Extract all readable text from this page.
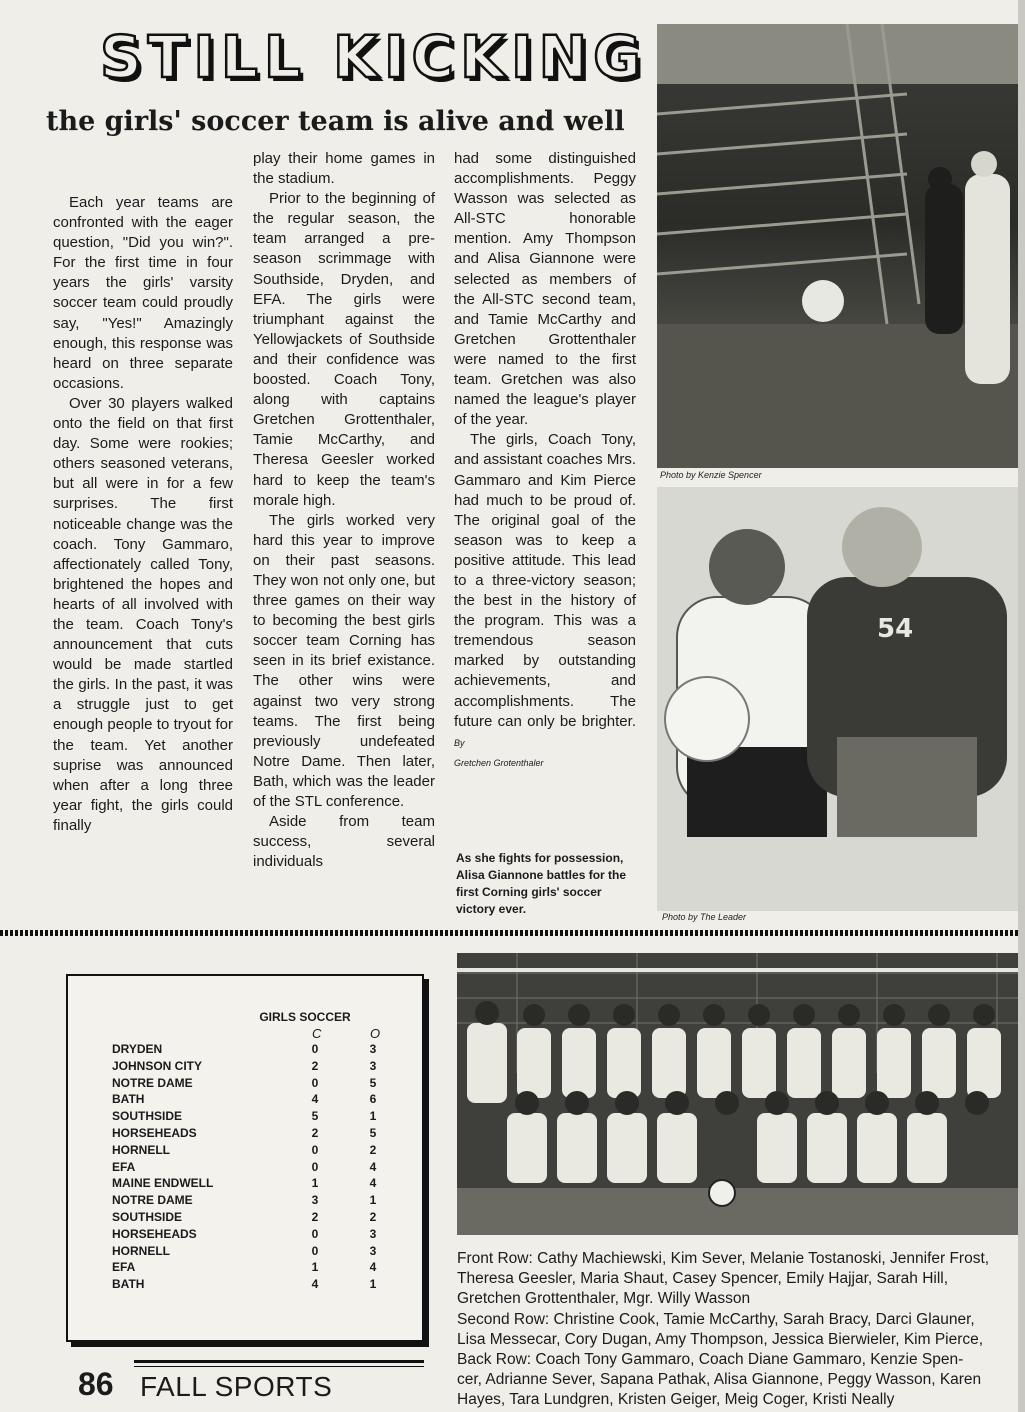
STILL KICKING
the girls' soccer team is alive and well

Each year teams are confronted with the eager question, "Did you win?". For the first time in four years the girls' varsity soccer team could proudly say, "Yes!" Amazingly enough, this response was heard on three separate occasions.

Over 30 players walked onto the field on that first day. Some were rookies; others seasoned veterans, but all were in for a few surprises. The first noticeable change was the coach. Tony Gammaro, affectionately called Tony, brightened the hopes and hearts of all involved with the team. Coach Tony's announcement that cuts would be made startled the girls. In the past, it was a struggle just to get enough people to tryout for the team. Yet another suprise was announced when after a long three year fight, the girls could finally

play their home games in the stadium.

Prior to the beginning of the regular season, the team arranged a pre-season scrimmage with Southside, Dryden, and EFA. The girls were triumphant against the Yellowjackets of Southside and their confidence was boosted. Coach Tony, along with captains Gretchen Grottenthaler, Tamie McCarthy, and Theresa Geesler worked hard to keep the team's morale high.

The girls worked very hard this year to improve on their past seasons. They won not only one, but three games on their way to becoming the best girls soccer team Corning has seen in its brief existance. The other wins were against two very strong teams. The first being previously undefeated Notre Dame. Then later, Bath, which was the leader of the STL conference.

Aside from team success, several individuals

had some distinguished accomplishments. Peggy Wasson was selected as All-STC honorable mention. Amy Thompson and Alisa Giannone were selected as members of the All-STC second team, and Tamie McCarthy and Gretchen Grottenthaler were named to the first team. Gretchen was also named the league's player of the year.

The girls, Coach Tony, and assistant coaches Mrs. Gammaro and Kim Pierce had much to be proud of. The original goal of the season was to keep a positive attitude. This lead to a three-victory season; the best in the history of the program. This was a tremendous season marked by outstanding achievements, and accomplishments. The future can only be brighter. By

Gretchen Grotenthaler
As she fights for possession, Alisa Giannone battles for the first Corning girls' soccer victory ever.
Photo by Kenzie Spencer
54
Photo by The Leader
GIRLS SOCCER
C	O
DRYDEN	0	3
JOHNSON CITY	2	3
NOTRE DAME	0	5
BATH	4	6
SOUTHSIDE	5	1
HORSEHEADS	2	5
HORNELL	0	2
EFA	0	4
MAINE ENDWELL	1	4
NOTRE DAME	3	1
SOUTHSIDE	2	2
HORSEHEADS	0	3
HORNELL	0	3
EFA	1	4
BATH	4	1
Front Row: Cathy Machiewski, Kim Sever, Melanie Tostanoski, Jennifer Frost,
Theresa Geesler, Maria Shaut, Casey Spencer, Emily Hajjar, Sarah Hill,
Gretchen Grottenthaler, Mgr. Willy Wasson
Second Row: Christine Cook, Tamie McCarthy, Sarah Bracy, Darci Glauner,
Lisa Messecar, Cory Dugan, Amy Thompson, Jessica Bierwieler, Kim Pierce,
Back Row: Coach Tony Gammaro, Coach Diane Gammaro, Kenzie Spen-
cer, Adrianne Sever, Sapana Pathak, Alisa Giannone, Peggy Wasson, Karen
Hayes, Tara Lundgren, Kristen Geiger, Meig Coger, Kristi Neally
86 FALL SPORTS
